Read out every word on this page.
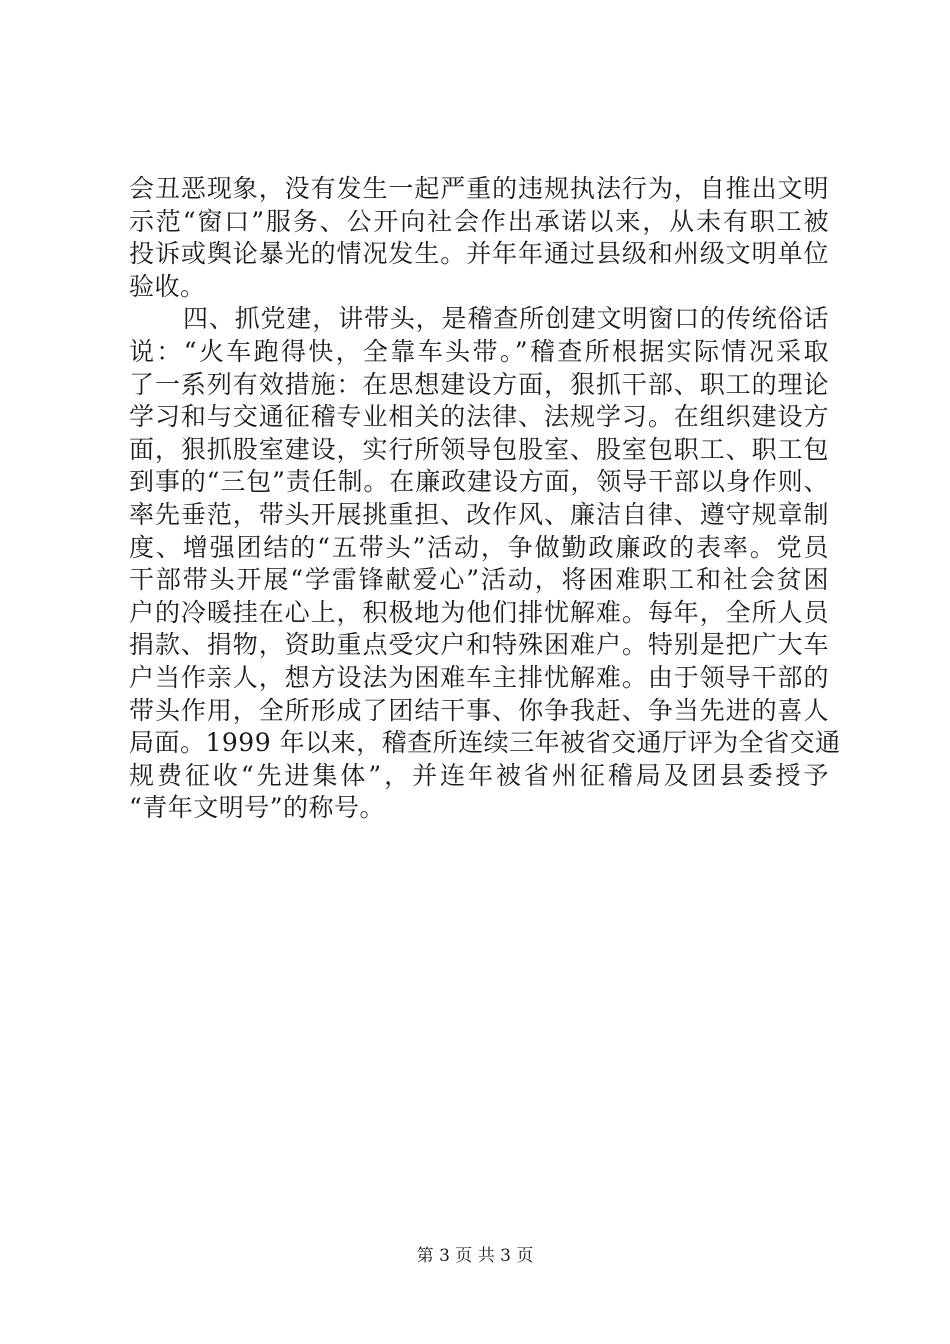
会丑恶现象，没有发生一起严重的违规执法行为，自推出文明
示范“窗口”服务、公开向社会作出承诺以来，从未有职工被
投诉或舆论暴光的情况发生。并年年通过县级和州级文明单位
验收。
四、抓党建，讲带头，是稽查所创建文明窗口的传统俗话
说：“火车跑得快，全靠车头带。”稽查所根据实际情况采取
了一系列有效措施：在思想建设方面，狠抓干部、职工的理论
学习和与交通征稽专业相关的法律、法规学习。在组织建设方
面，狠抓股室建设，实行所领导包股室、股室包职工、职工包
到事的“三包”责任制。在廉政建设方面，领导干部以身作则、
率先垂范，带头开展挑重担、改作风、廉洁自律、遵守规章制
度、增强团结的“五带头”活动，争做勤政廉政的表率。党员
干部带头开展“学雷锋献爱心”活动，将困难职工和社会贫困
户的冷暖挂在心上，积极地为他们排忧解难。每年，全所人员
捐款、捐物，资助重点受灾户和特殊困难户。特别是把广大车
户当作亲人，想方设法为困难车主排忧解难。由于领导干部的
带头作用，全所形成了团结干事、你争我赶、争当先进的喜人
局面。1999 年以来，稽查所连续三年被省交通厅评为全省交通
规费征收“先进集体”，并连年被省州征稽局及团县委授予
“青年文明号”的称号。
第 3 页 共 3 页
